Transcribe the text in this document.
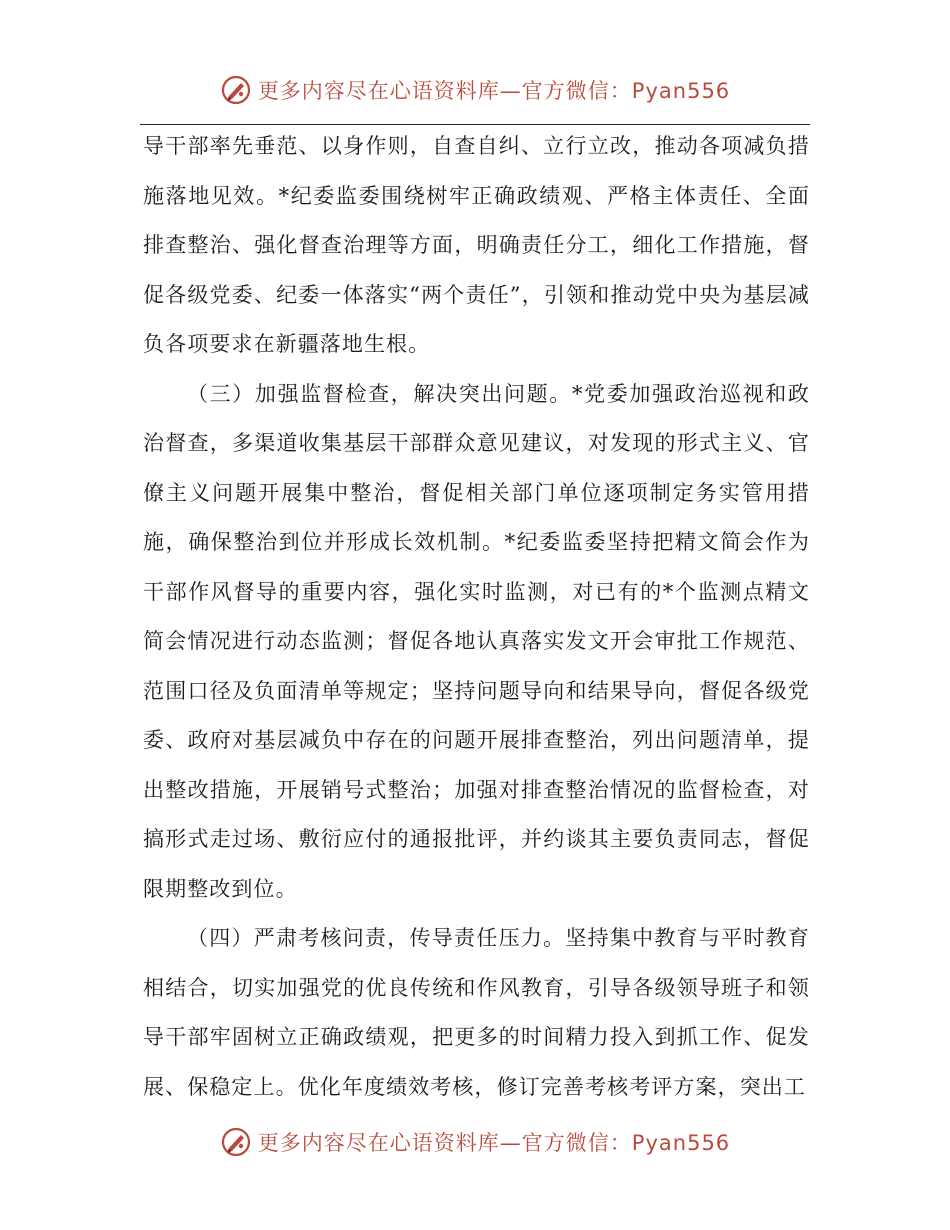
更多内容尽在心语资料库—官方微信：Pyan556

导干部率先垂范、以身作则，自查自纠、立行立改，推动各项减负措施落地见效。*纪委监委围绕树牢正确政绩观、严格主体责任、全面排查整治、强化督查治理等方面，明确责任分工，细化工作措施，督促各级党委、纪委一体落实“两个责任”，引领和推动党中央为基层减负各项要求在新疆落地生根。

（三）加强监督检查，解决突出问题。*党委加强政治巡视和政治督查，多渠道收集基层干部群众意见建议，对发现的形式主义、官僚主义问题开展集中整治，督促相关部门单位逐项制定务实管用措施，确保整治到位并形成长效机制。*纪委监委坚持把精文简会作为干部作风督导的重要内容，强化实时监测，对已有的*个监测点精文简会情况进行动态监测；督促各地认真落实发文开会审批工作规范、范围口径及负面清单等规定；坚持问题导向和结果导向，督促各级党委、政府对基层减负中存在的问题开展排查整治，列出问题清单，提出整改措施，开展销号式整治；加强对排查整治情况的监督检查，对搞形式走过场、敷衍应付的通报批评，并约谈其主要负责同志，督促限期整改到位。

（四）严肃考核问责，传导责任压力。坚持集中教育与平时教育相结合，切实加强党的优良传统和作风教育，引导各级领导班子和领导干部牢固树立正确政绩观，把更多的时间精力投入到抓工作、促发展、保稳定上。优化年度绩效考核，修订完善考核考评方案，突出工

更多内容尽在心语资料库—官方微信：Pyan556
